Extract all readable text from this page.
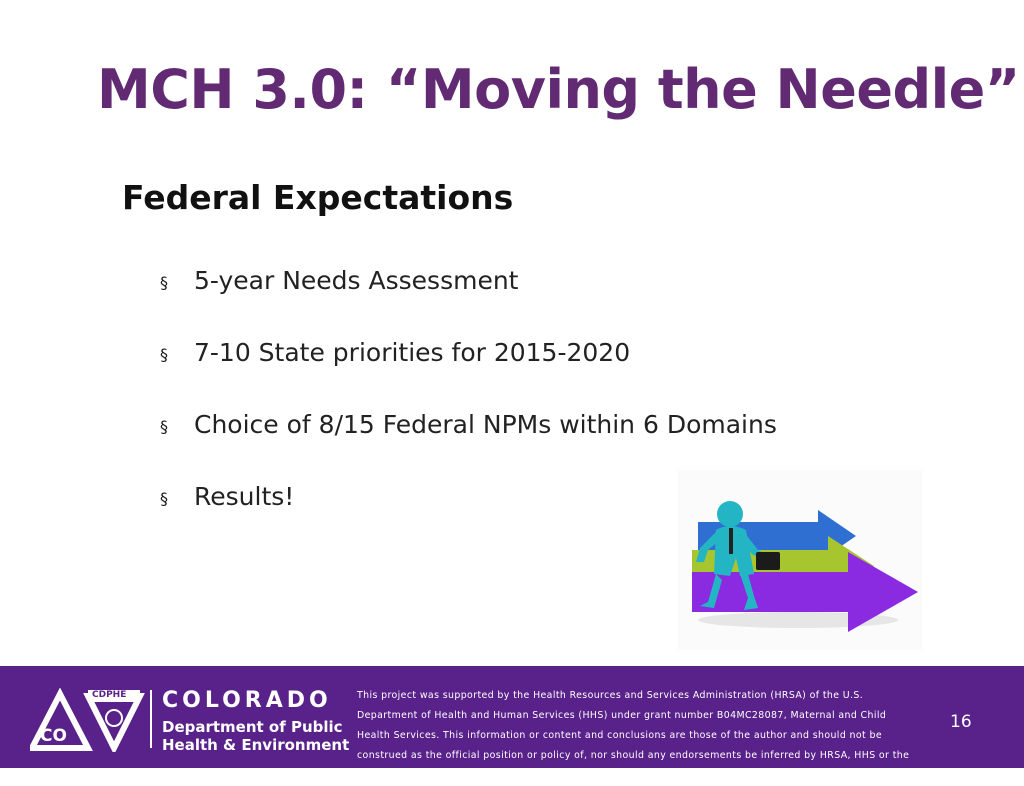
MCH 3.0: “Moving the Needle”
Federal Expectations
§	5-year Needs Assessment
§	7-10 State priorities for 2015-2020
§	Choice of 8/15 Federal NPMs within 6 Domains
§	Results!
CDPHE
CO
COLORADO
Department of Public
Health & Environment
This project was supported by the Health Resources and Services Administration (HRSA) of the U.S. Department of Health and Human Services (HHS) under grant number B04MC28087, Maternal and Child Health Services. This information or content and conclusions are those of the author and should not be construed as the official position or policy of, nor should any endorsements be inferred by HRSA, HHS or the U.S. Government.
16
